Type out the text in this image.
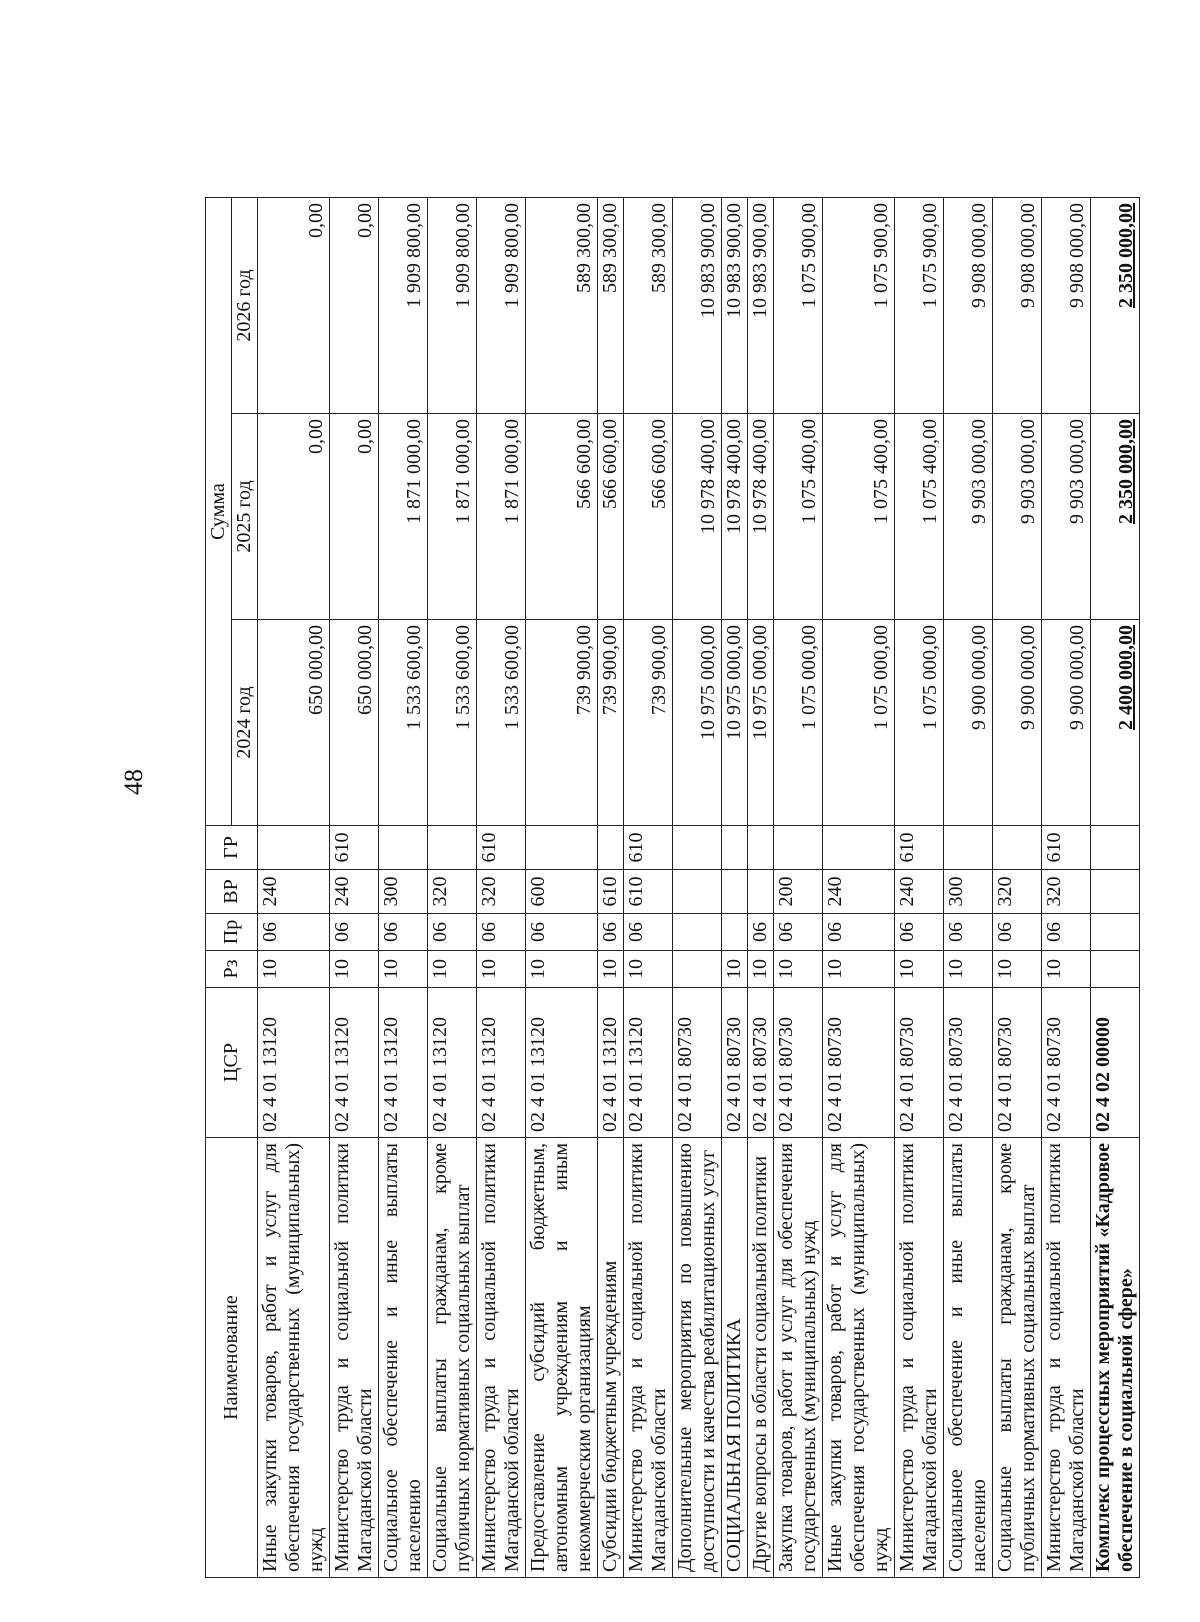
48
Наименование	ЦСР	Рз	Пр	ВР	ГР	Сумма		
						2024 год	2025 год	2026 год
Иные закупки товаров, работ и услуг для обеспечения государственных (муниципальных) нужд	02 4 01 13120	10	06	240		650 000,00	0,00	0,00
Министерство труда и социальной политики Магаданской области	02 4 01 13120	10	06	240	610	650 000,00	0,00	0,00
Социальное обеспечение и иные выплаты населению	02 4 01 13120	10	06	300		1 533 600,00	1 871 000,00	1 909 800,00
Социальные выплаты гражданам, кроме публичных нормативных социальных выплат	02 4 01 13120	10	06	320		1 533 600,00	1 871 000,00	1 909 800,00
Министерство труда и социальной политики Магаданской области	02 4 01 13120	10	06	320	610	1 533 600,00	1 871 000,00	1 909 800,00
Предоставление субсидий бюджетным, автономным учреждениям и иным некоммерческим организациям	02 4 01 13120	10	06	600		739 900,00	566 600,00	589 300,00
Субсидии бюджетным учреждениям	02 4 01 13120	10	06	610		739 900,00	566 600,00	589 300,00
Министерство труда и социальной политики Магаданской области	02 4 01 13120	10	06	610	610	739 900,00	566 600,00	589 300,00
Дополнительные мероприятия по повышению доступности и качества реабилитационных услуг	02 4 01 80730					10 975 000,00	10 978 400,00	10 983 900,00
СОЦИАЛЬНАЯ ПОЛИТИКА	02 4 01 80730	10				10 975 000,00	10 978 400,00	10 983 900,00
Другие вопросы в области социальной политики	02 4 01 80730	10	06			10 975 000,00	10 978 400,00	10 983 900,00
Закупка товаров, работ и услуг для обеспечения государственных (муниципальных) нужд	02 4 01 80730	10	06	200		1 075 000,00	1 075 400,00	1 075 900,00
Иные закупки товаров, работ и услуг для обеспечения государственных (муниципальных) нужд	02 4 01 80730	10	06	240		1 075 000,00	1 075 400,00	1 075 900,00
Министерство труда и социальной политики Магаданской области	02 4 01 80730	10	06	240	610	1 075 000,00	1 075 400,00	1 075 900,00
Социальное обеспечение и иные выплаты населению	02 4 01 80730	10	06	300		9 900 000,00	9 903 000,00	9 908 000,00
Социальные выплаты гражданам, кроме публичных нормативных социальных выплат	02 4 01 80730	10	06	320		9 900 000,00	9 903 000,00	9 908 000,00
Министерство труда и социальной политики Магаданской области	02 4 01 80730	10	06	320	610	9 900 000,00	9 903 000,00	9 908 000,00
Комплекс процессных мероприятий «Кадровое обеспечение в социальной сфере»	02 4 02 00000					2 400 000,00	2 350 000,00	2 350 000,00
